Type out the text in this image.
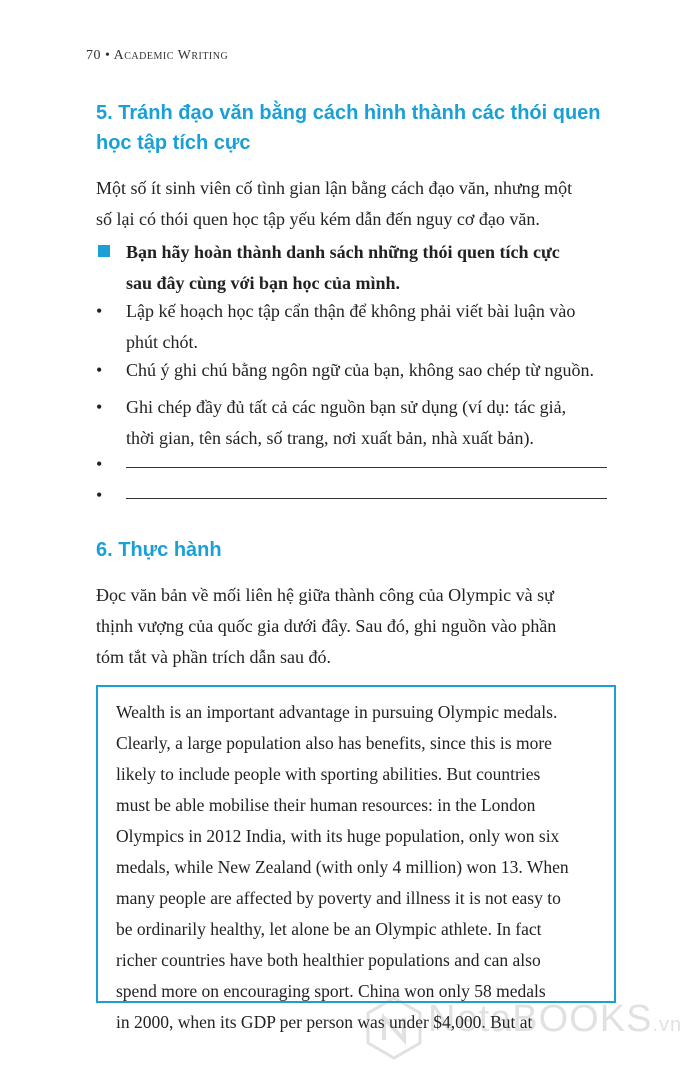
70 • Academic Writing
5. Tránh đạo văn bằng cách hình thành các thói quen
học tập tích cực
Một số ít sinh viên cố tình gian lận bằng cách đạo văn, nhưng một
số lại có thói quen học tập yếu kém dẫn đến nguy cơ đạo văn.
Bạn hãy hoàn thành danh sách những thói quen tích cực
sau đây cùng với bạn học của mình.
•	Lập kế hoạch học tập cẩn thận để không phải viết bài luận vào
phút chót.
•	Chú ý ghi chú bằng ngôn ngữ của bạn, không sao chép từ nguồn.
•	Ghi chép đầy đủ tất cả các nguồn bạn sử dụng (ví dụ: tác giả,
thời gian, tên sách, số trang, nơi xuất bản, nhà xuất bản).
•
•
6. Thực hành
Đọc văn bản về mối liên hệ giữa thành công của Olympic và sự
thịnh vượng của quốc gia dưới đây. Sau đó, ghi nguồn vào phần
tóm tắt và phần trích dẫn sau đó.
Wealth is an important advantage in pursuing Olympic medals.
Clearly, a large population also has benefits, since this is more
likely to include people with sporting abilities. But countries
must be able mobilise their human resources: in the London
Olympics in 2012 India, with its huge population, only won six
medals, while New Zealand (with only 4 million) won 13. When
many people are affected by poverty and illness it is not easy to
be ordinarily healthy, let alone be an Olympic athlete. In fact
richer countries have both healthier populations and can also
spend more on encouraging sport. China won only 58 medals
in 2000, when its GDP per person was under $4,000. But at
NetaBOOKS.vn
